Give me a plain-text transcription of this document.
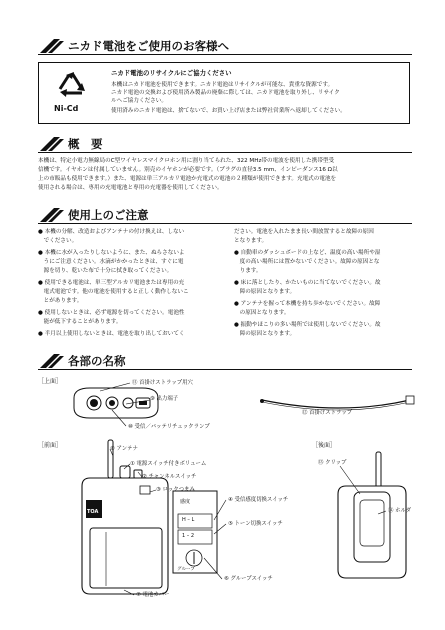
ニカド電池をご使用のお客様へ
Ni-Cd
ニカド電池のリサイクルにご協力ください
本機はニカド電池を使用できます。ニカド電池はリサイクルが可能な、貴重な資源です。
ニカド電池の交換および使用済み製品の廃棄に際しては、ニカド電池を取り外し、リサイク
ルへご協力ください。
使用済みのニカド電池は、捨てないで、お買い上げ店または弊社営業所へ返却してください。
概　要
本機は、特定小電力無線局のC型ワイヤレスマイクロホン用に割り当てられた、322 MHz帯の電波を使用した携帯型受
信機です。イヤホンは付属していません。別売のイヤホンが必要です。（プラグの直径3.5 mm、インピーダンス16 Ω以
上の市販品も使用できます。）また、電源は単三アルカリ電池か充電式の電池の２種類が使用できます。充電式の電池を
使用される場合は、専用の充電電池と専用の充電器を使用してください。
使用上のご注意
● 本機の分解、改造およびアンテナの付け換えは、しない
　でください。
● 本機に水が入ったりしないように、また、ぬらさないよ
　うにご注意ください。水滴がかかったときは、すぐに電
　源を切り、乾いた布で十分に拭き取ってください。
● 使用できる電池は、単三型アルカリ電池または専用の充
　電式電池です。他の電池を使用すると正しく動作しないこ
　とがあります。
● 使用しないときは、必ず電源を切ってください。電池性
　能が低下することがあります。
● 半月以上使用しないときは、電池を取り出しておいてく
ださい。電池を入れたまま長い間放置すると故障の原因
となります。
● 自動車のダッシュボードの上など、温度の高い場所や湿
　度の高い場所には置かないでください。故障の原因とな
　ります。
● 床に落としたり、かたいものに当てないでください。故
　障の原因となります。
● アンテナを握って本機を持ち歩かないでください。故障
　の原因となります。
● 振動やほこりの多い場所では使用しないでください。故
　障の原因となります。
各部の名称
［上面］	⑪ 首掛けストラップ用穴
⑨ 出力端子
⑩ 受信／バッテリチェックランプ
⑫ 首掛けストラップ
［前面］
TOA
感度
H – L
1 – 2
グループ
⑧ アンテナ
① 電源スイッチ付きボリューム
② チャンネルスイッチ
③ ロックつまみ
④ 受信感度切換スイッチ
⑤ トーン切換スイッチ
⑥ グループスイッチ
⑦ 電池カバー
［後面］
⑬ クリップ
⑭ ホルダ
